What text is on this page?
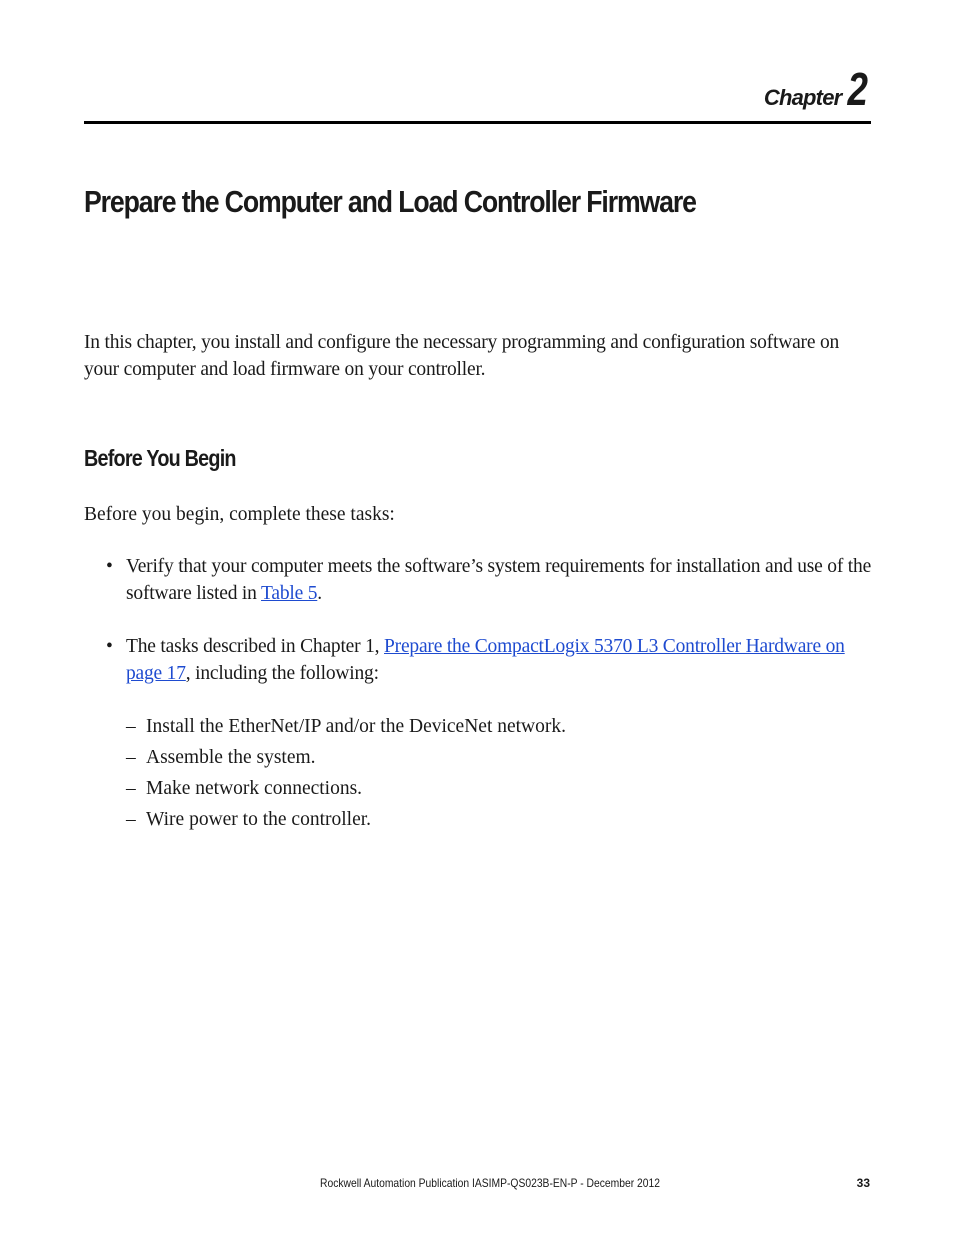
Chapter 2
Prepare the Computer and Load Controller Firmware

In this chapter, you install and configure the necessary programming and configuration software on your computer and load firmware on your controller.

Before You Begin

Before you begin, complete these tasks:

• Verify that your computer meets the software’s system requirements for installation and use of the software listed in Table 5.
• The tasks described in Chapter 1, Prepare the CompactLogix 5370 L3 Controller Hardware on page 17, including the following:
– Install the EtherNet/IP and/or the DeviceNet network.
– Assemble the system.
– Make network connections.
– Wire power to the controller.
Rockwell Automation Publication IASIMP-QS023B-EN-P - December 2012	33
